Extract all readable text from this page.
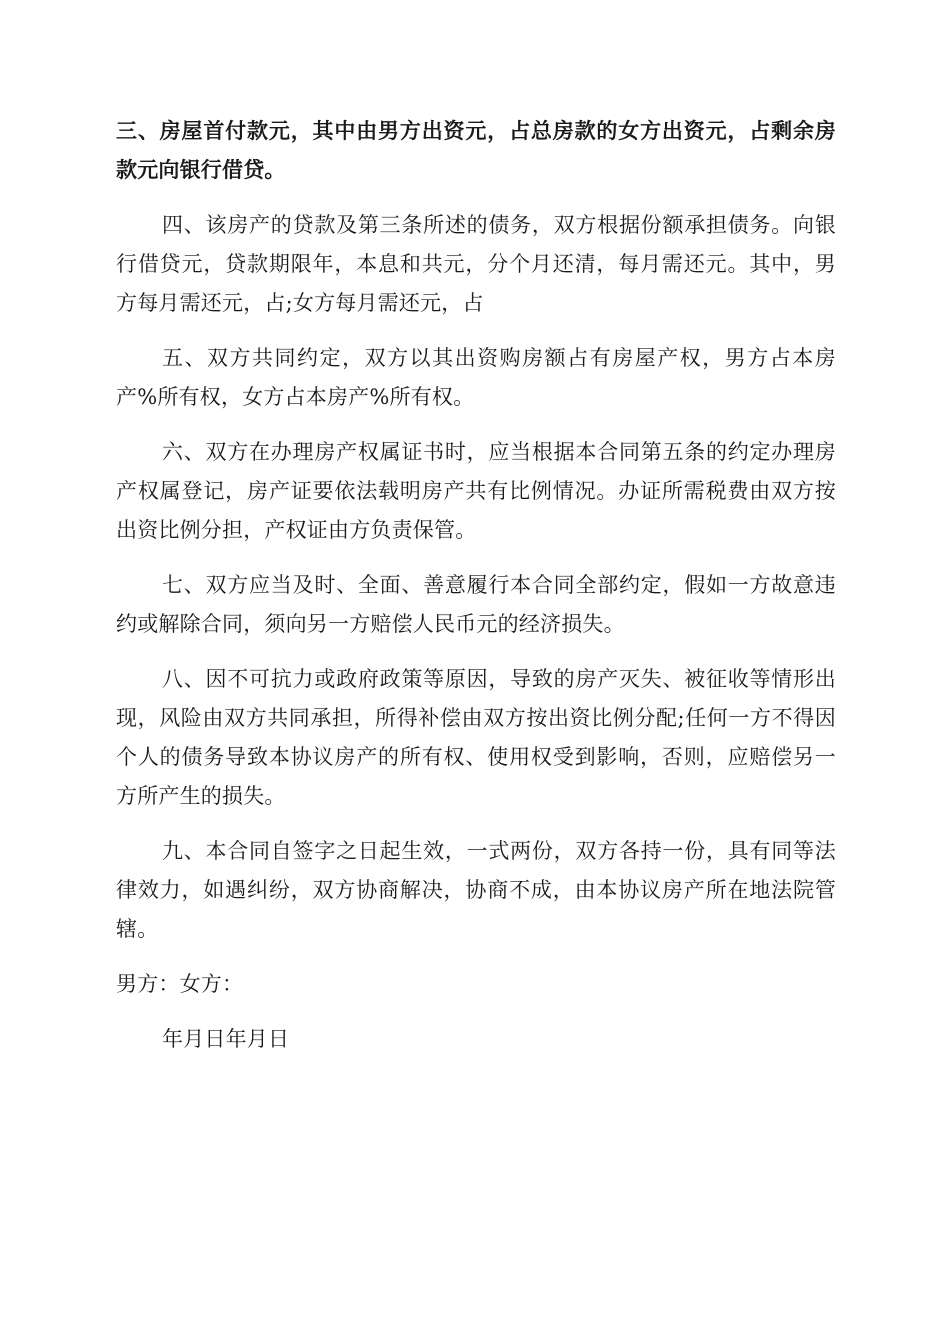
三、房屋首付款元，其中由男方出资元，占总房款的女方出资元，占剩余房款元向银行借贷。

四、该房产的贷款及第三条所述的债务，双方根据份额承担债务。向银行借贷元，贷款期限年，本息和共元，分个月还清，每月需还元。其中，男方每月需还元，占;女方每月需还元，占

五、双方共同约定，双方以其出资购房额占有房屋产权，男方占本房产%所有权，女方占本房产%所有权。

六、双方在办理房产权属证书时，应当根据本合同第五条的约定办理房产权属登记，房产证要依法载明房产共有比例情况。办证所需税费由双方按出资比例分担，产权证由方负责保管。

七、双方应当及时、全面、善意履行本合同全部约定，假如一方故意违约或解除合同，须向另一方赔偿人民币元的经济损失。

八、因不可抗力或政府政策等原因，导致的房产灭失、被征收等情形出现，风险由双方共同承担，所得补偿由双方按出资比例分配;任何一方不得因个人的债务导致本协议房产的所有权、使用权受到影响，否则，应赔偿另一方所产生的损失。

九、本合同自签字之日起生效，一式两份，双方各持一份，具有同等法律效力，如遇纠纷，双方协商解决，协商不成，由本协议房产所在地法院管辖。

男方：女方：

年月日年月日
